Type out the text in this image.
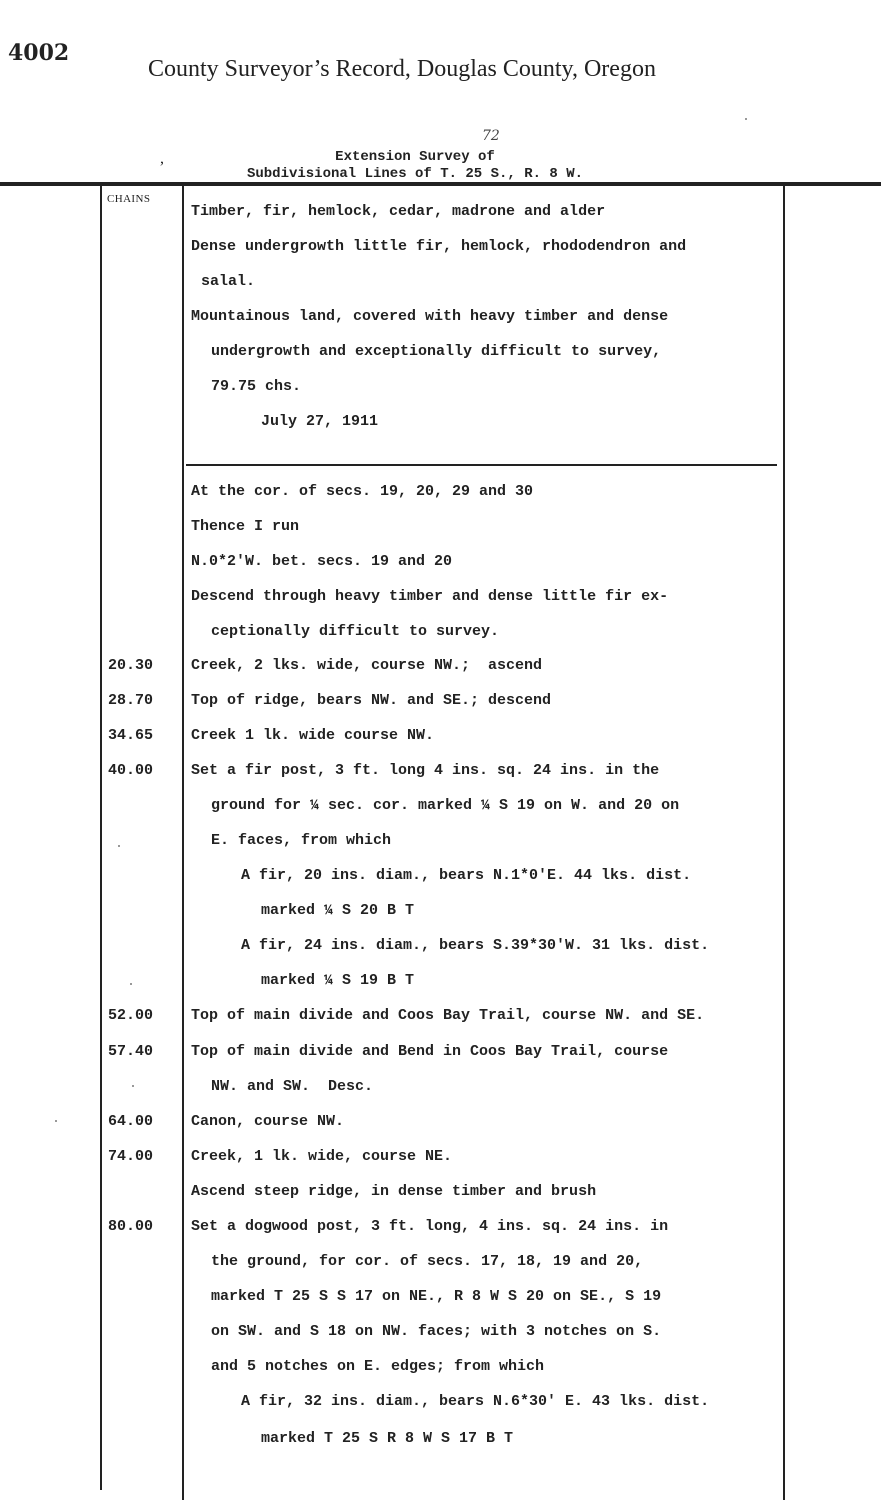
4002
County Surveyor’s Record, Douglas County, Oregon
72
,	Extension Survey of
Subdivisional Lines of T. 25 S., R. 8 W.
CHAINS
Timber, fir, hemlock, cedar, madrone and alder
Dense undergrowth little fir, hemlock, rhododendron and
salal.
Mountainous land, covered with heavy timber and dense
undergrowth and exceptionally difficult to survey,
79.75 chs.
July 27, 1911
At the cor. of secs. 19, 20, 29 and 30
Thence I run
N.0*2'W. bet. secs. 19 and 20
Descend through heavy timber and dense little fir ex-
ceptionally difficult to survey.
Creek, 2 lks. wide, course NW.;  ascend
20.30
Top of ridge, bears NW. and SE.; descend
28.70
Creek 1 lk. wide course NW.
34.65
Set a fir post, 3 ft. long 4 ins. sq. 24 ins. in the
40.00
ground for ¼ sec. cor. marked ¼ S 19 on W. and 20 on
E. faces, from which
A fir, 20 ins. diam., bears N.1*0'E. 44 lks. dist.
marked ¼ S 20 B T
A fir, 24 ins. diam., bears S.39*30'W. 31 lks. dist.
marked ¼ S 19 B T
Top of main divide and Coos Bay Trail, course NW. and SE.
52.00
Top of main divide and Bend in Coos Bay Trail, course
57.40
NW. and SW.  Desc.
Canon, course NW.
64.00
Creek, 1 lk. wide, course NE.
74.00
Ascend steep ridge, in dense timber and brush
Set a dogwood post, 3 ft. long, 4 ins. sq. 24 ins. in
80.00
the ground, for cor. of secs. 17, 18, 19 and 20,
marked T 25 S S 17 on NE., R 8 W S 20 on SE., S 19
on SW. and S 18 on NW. faces; with 3 notches on S.
and 5 notches on E. edges; from which
A fir, 32 ins. diam., bears N.6*30' E. 43 lks. dist.
marked T 25 S R 8 W S 17 B T
